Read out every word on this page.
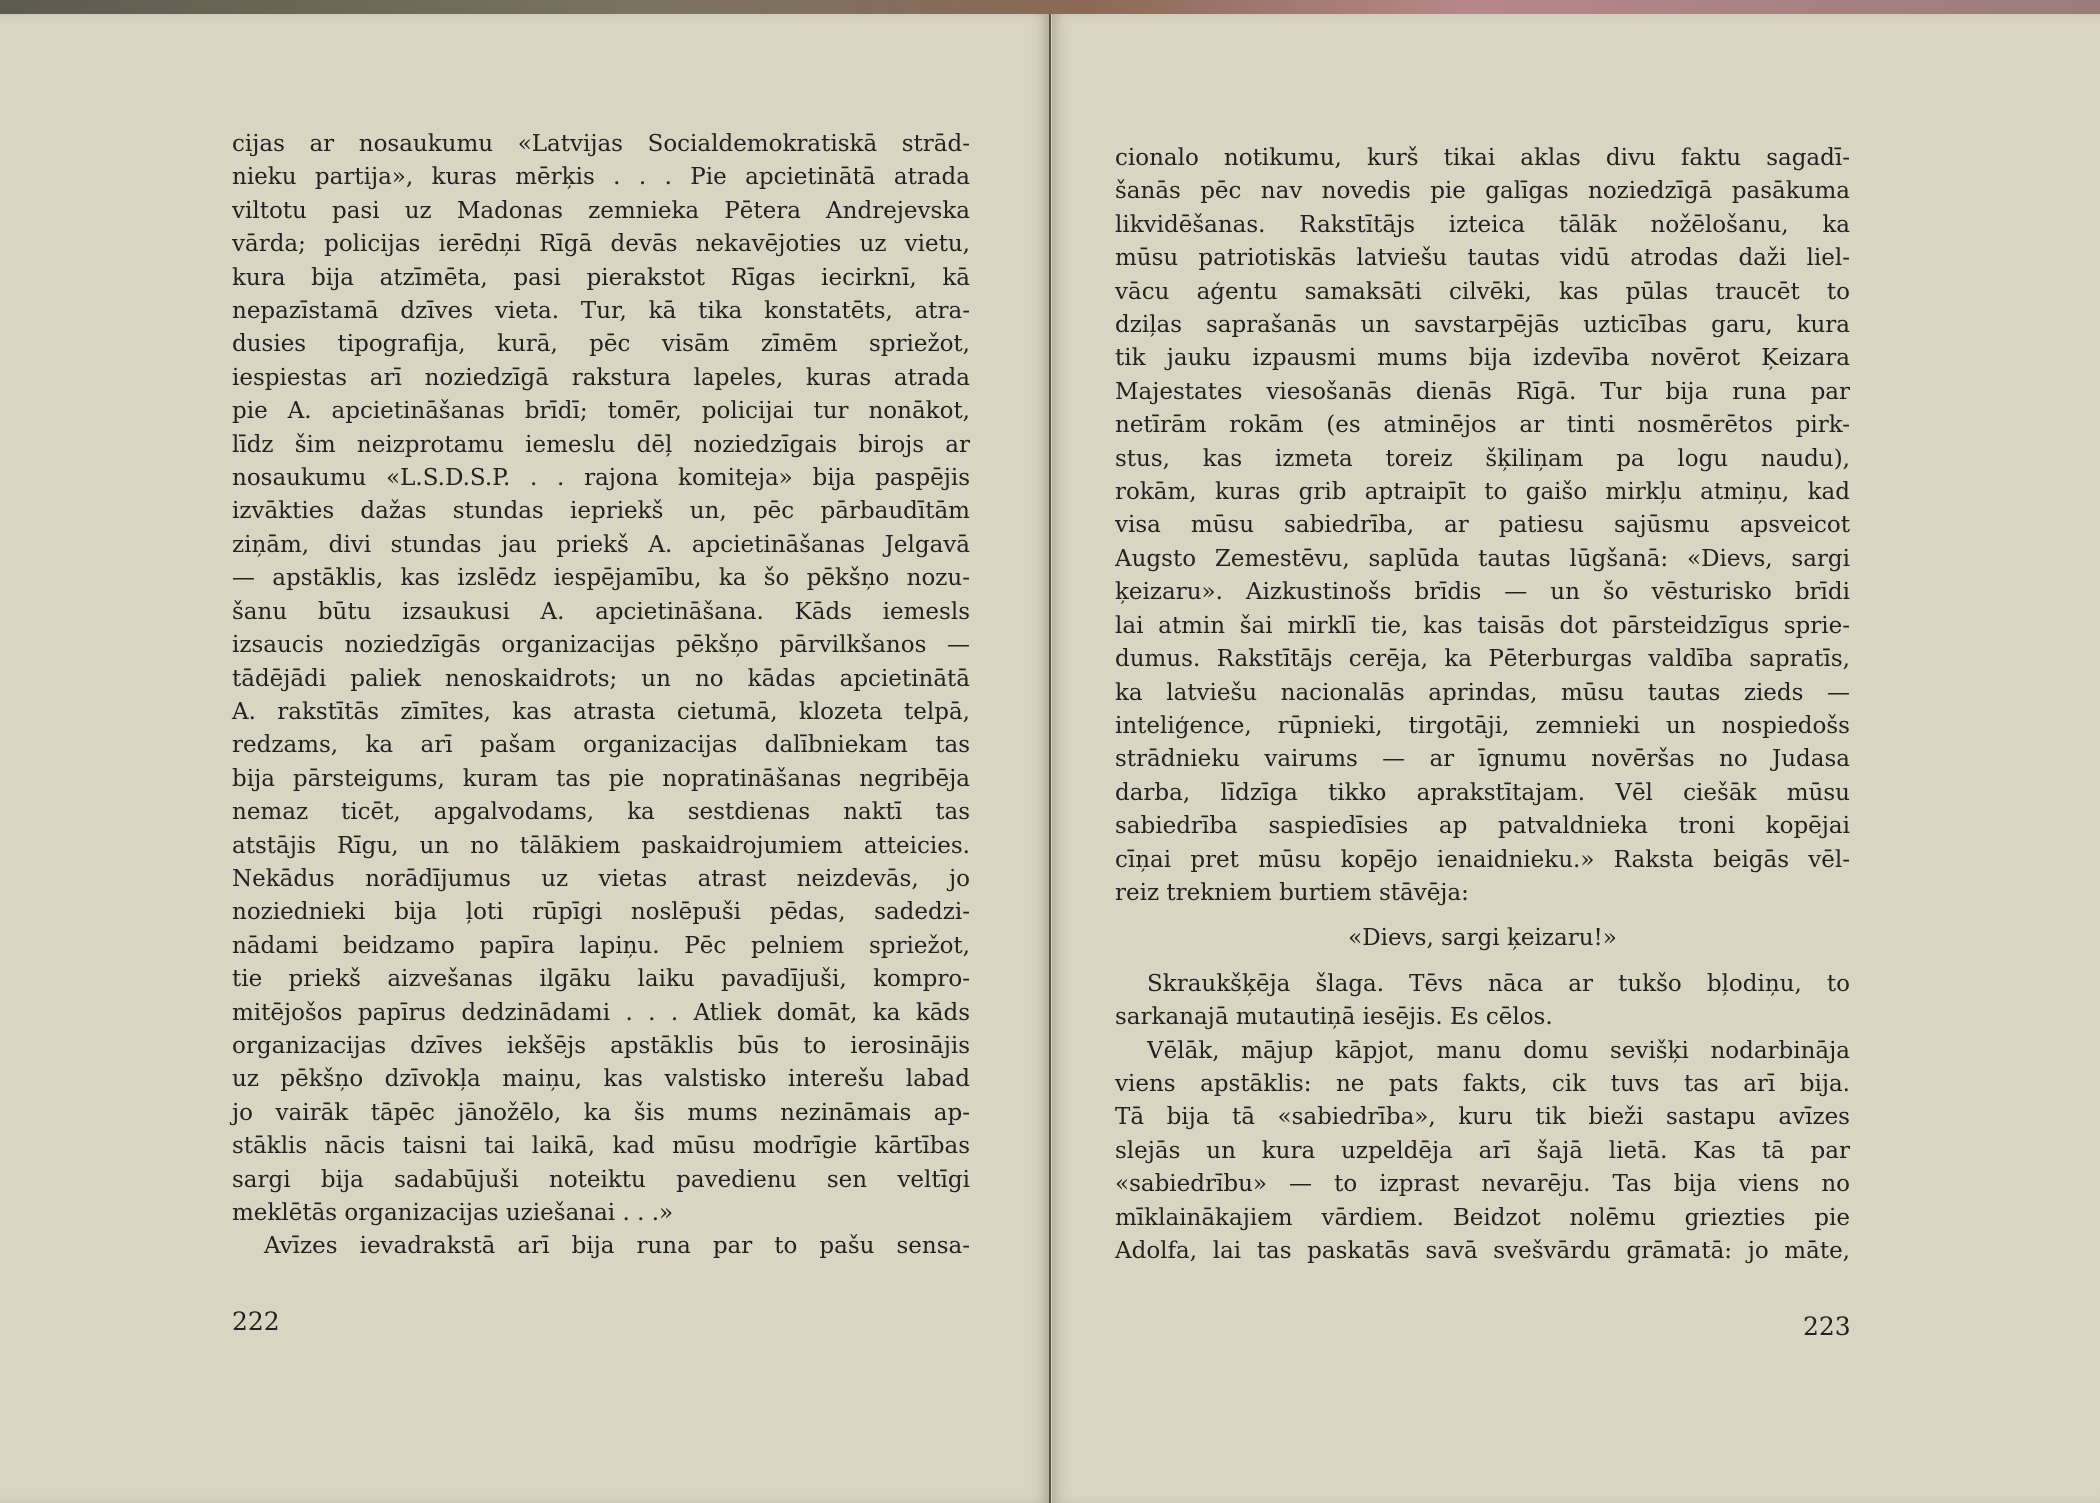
cijas ar nosaukumu «Latvijas Socialdemokratiskā strād-
nieku partija», kuras mērķis . . . Pie apcietinātā atrada
viltotu pasi uz Madonas zemnieka Pētera Andrejevska
vārda; policijas ierēdņi Rīgā devās nekavējoties uz vietu,
kura bija atzīmēta, pasi pierakstot Rīgas iecirknī, kā
nepazīstamā dzīves vieta. Tur, kā tika konstatēts, atra-
dusies tipografija, kurā, pēc visām zīmēm spriežot,
iespiestas arī noziedzīgā rakstura lapeles, kuras atrada
pie A. apcietināšanas brīdī; tomēr, policijai tur nonākot,
līdz šim neizprotamu iemeslu dēļ noziedzīgais birojs ar
nosaukumu «L.S.D.S.P. . . rajona komiteja» bija paspējis
izvākties dažas stundas iepriekš un, pēc pārbaudītām
ziņām, divi stundas jau priekš A. apcietināšanas Jelgavā
— apstāklis, kas izslēdz iespējamību, ka šo pēkšņo nozu-
šanu būtu izsaukusi A. apcietināšana. Kāds iemesls
izsaucis noziedzīgās organizacijas pēkšņo pārvilkšanos —
tādējādi paliek nenoskaidrots; un no kādas apcietinātā
A. rakstītās zīmītes, kas atrasta cietumā, klozeta telpā,
redzams, ka arī pašam organizacijas dalībniekam tas
bija pārsteigums, kuram tas pie nopratināšanas negribēja
nemaz ticēt, apgalvodams, ka sestdienas naktī tas
atstājis Rīgu, un no tālākiem paskaidrojumiem atteicies.
Nekādus norādījumus uz vietas atrast neizdevās, jo
noziednieki bija ļoti rūpīgi noslēpuši pēdas, sadedzi-
nādami beidzamo papīra lapiņu. Pēc pelniem spriežot,
tie priekš aizvešanas ilgāku laiku pavadījuši, kompro-
mitējošos papīrus dedzinādami . . . Atliek domāt, ka kāds
organizacijas dzīves iekšējs apstāklis būs to ierosinājis
uz pēkšņo dzīvokļa maiņu, kas valstisko interešu labad
jo vairāk tāpēc jānožēlo, ka šis mums nezināmais ap-
stāklis nācis taisni tai laikā, kad mūsu modrīgie kārtības
sargi bija sadabūjuši noteiktu pavedienu sen veltīgi
meklētās organizacijas uziešanai . . .»
Avīzes ievadrakstā arī bija runa par to pašu sensa-
222
cionalo notikumu, kurš tikai aklas divu faktu sagadī-
šanās pēc nav novedis pie galīgas noziedzīgā pasākuma
likvidēšanas. Rakstītājs izteica tālāk nožēlošanu, ka
mūsu patriotiskās latviešu tautas vidū atrodas daži liel-
vācu aģentu samaksāti cilvēki, kas pūlas traucēt to
dziļas saprašanās un savstarpējās uzticības garu, kura
tik jauku izpausmi mums bija izdevība novērot Ķeizara
Majestates viesošanās dienās Rīgā. Tur bija runa par
netīrām rokām (es atminējos ar tinti nosmērētos pirk-
stus, kas izmeta toreiz šķiliņam pa logu naudu),
rokām, kuras grib aptraipīt to gaišo mirkļu atmiņu, kad
visa mūsu sabiedrība, ar patiesu sajūsmu apsveicot
Augsto Zemestēvu, saplūda tautas lūgšanā: «Dievs, sargi
ķeizaru». Aizkustinošs brīdis — un šo vēsturisko brīdi
lai atmin šai mirklī tie, kas taisās dot pārsteidzīgus sprie-
dumus. Rakstītājs cerēja, ka Pēterburgas valdība sapratīs,
ka latviešu nacionalās aprindas, mūsu tautas zieds —
inteliģence, rūpnieki, tirgotāji, zemnieki un nospiedošs
strādnieku vairums — ar īgnumu novēršas no Judasa
darba, līdzīga tikko aprakstītajam. Vēl ciešāk mūsu
sabiedrība saspiedīsies ap patvaldnieka troni kopējai
cīņai pret mūsu kopējo ienaidnieku.» Raksta beigās vēl-
reiz trekniem burtiem stāvēja:
«Dievs, sargi ķeizaru!»
Skraukšķēja šlaga. Tēvs nāca ar tukšo bļodiņu, to
sarkanajā mutautiņā iesējis. Es cēlos.
Vēlāk, mājup kāpjot, manu domu sevišķi nodarbināja
viens apstāklis: ne pats fakts, cik tuvs tas arī bija.
Tā bija tā «sabiedrība», kuru tik bieži sastapu avīzes
slejās un kura uzpeldēja arī šajā lietā. Kas tā par
«sabiedrību» — to izprast nevarēju. Tas bija viens no
mīklainākajiem vārdiem. Beidzot nolēmu griezties pie
Adolfa, lai tas paskatās savā svešvārdu grāmatā: jo māte,
223
